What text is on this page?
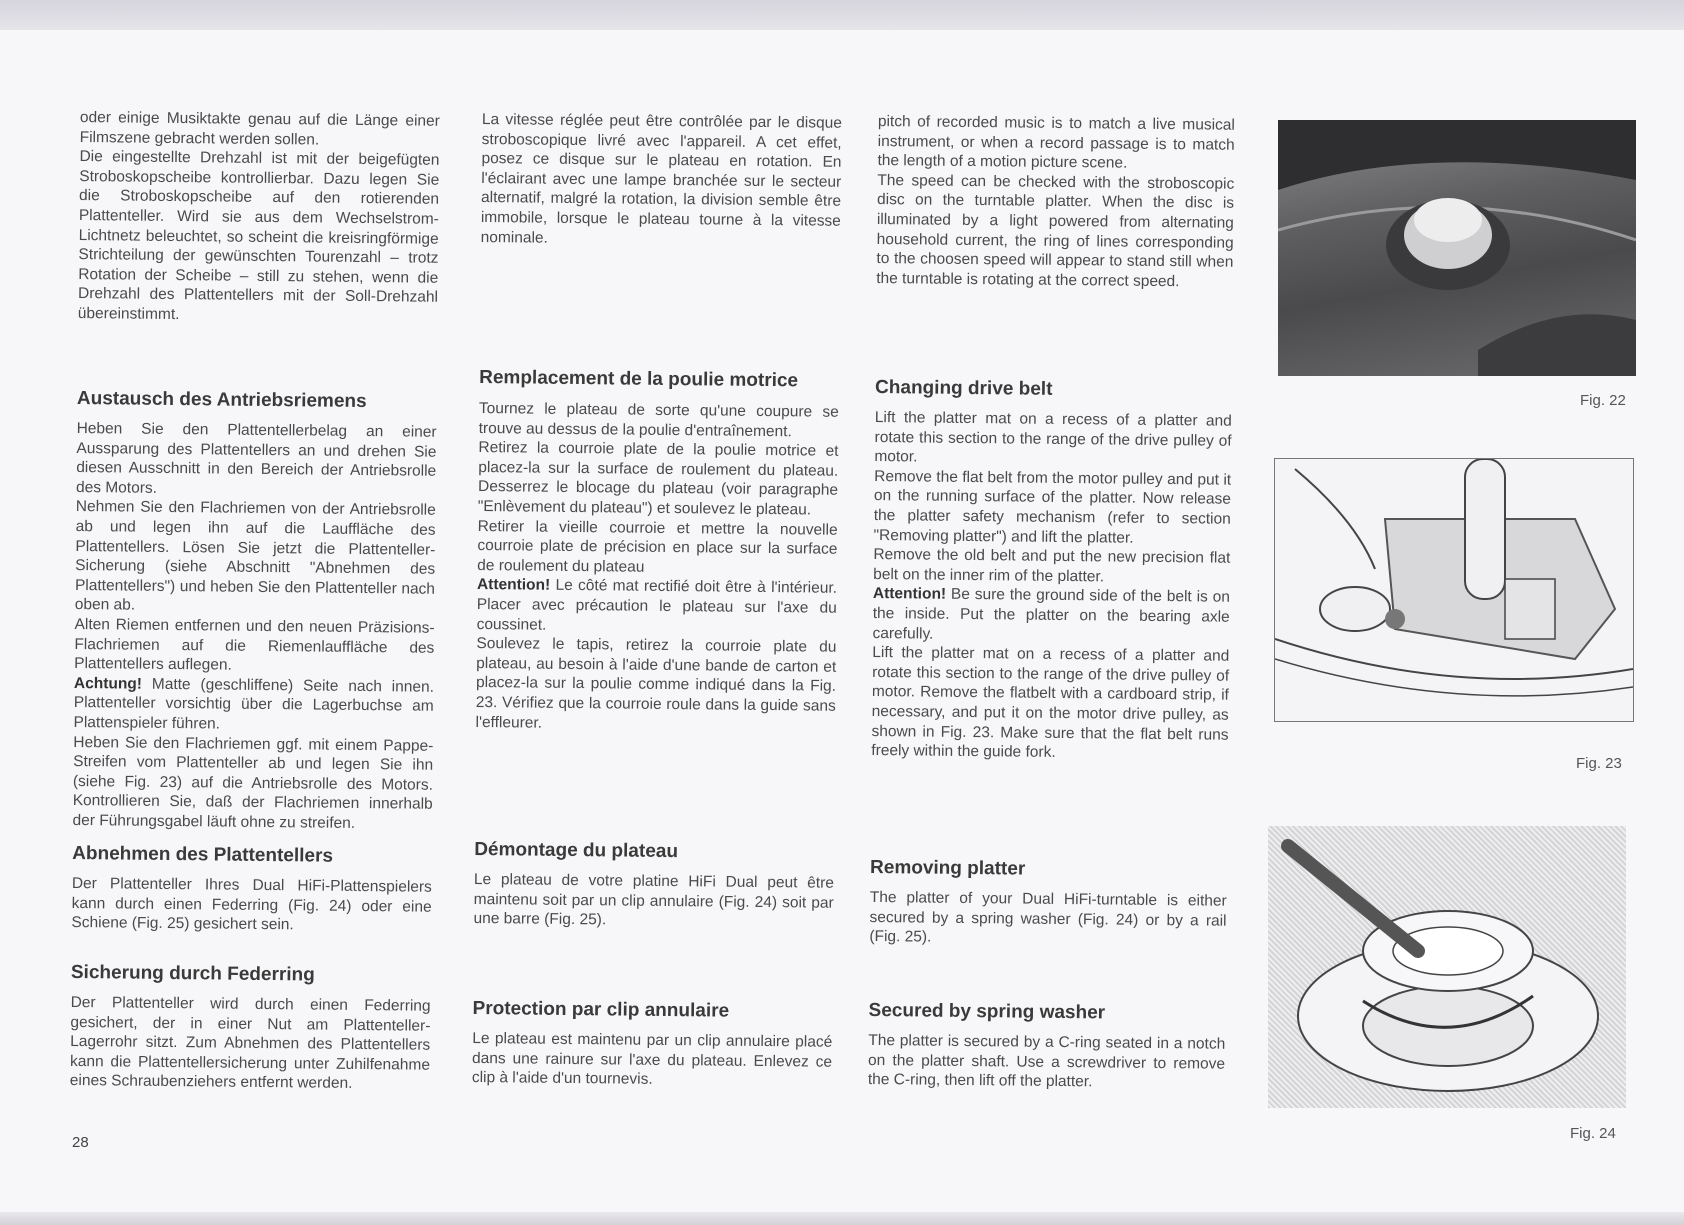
oder einige Musiktakte genau auf die Länge einer Filmszene gebracht werden sollen.
Die eingestellte Drehzahl ist mit der beigefügten Stroboskopscheibe kontrollierbar. Dazu legen Sie die Stroboskopscheibe auf den rotierenden Plattenteller. Wird sie aus dem Wechselstrom-Lichtnetz beleuchtet, so scheint die kreisringförmige Strichteilung der gewünschten Tourenzahl – trotz Rotation der Scheibe – still zu stehen, wenn die Drehzahl des Plattentellers mit der Soll-Drehzahl übereinstimmt.

Austausch des Antriebsriemens

Heben Sie den Plattentellerbelag an einer Aussparung des Plattentellers an und drehen Sie diesen Ausschnitt in den Bereich der Antriebsrolle des Motors.
Nehmen Sie den Flachriemen von der Antriebsrolle ab und legen ihn auf die Lauffläche des Plattentellers. Lösen Sie jetzt die Plattenteller-Sicherung (siehe Abschnitt "Abnehmen des Plattentellers") und heben Sie den Plattenteller nach oben ab.
Alten Riemen entfernen und den neuen Präzisions-Flachriemen auf die Riemenlauffläche des Plattentellers auflegen.
Achtung! Matte (geschliffene) Seite nach innen. Plattenteller vorsichtig über die Lagerbuchse am Plattenspieler führen.
Heben Sie den Flachriemen ggf. mit einem Pappe-Streifen vom Plattenteller ab und legen Sie ihn (siehe Fig. 23) auf die Antriebsrolle des Motors. Kontrollieren Sie, daß der Flachriemen innerhalb der Führungsgabel läuft ohne zu streifen.

Abnehmen des Plattentellers

Der Plattenteller Ihres Dual HiFi-Plattenspielers kann durch einen Federring (Fig. 24) oder eine Schiene (Fig. 25) gesichert sein.

Sicherung durch Federring

Der Plattenteller wird durch einen Federring gesichert, der in einer Nut am Plattenteller-Lagerrohr sitzt. Zum Abnehmen des Plattentellers kann die Plattentellersicherung unter Zuhilfenahme eines Schraubenziehers entfernt werden.

La vitesse réglée peut être contrôlée par le disque stroboscopique livré avec l'appareil. A cet effet, posez ce disque sur le plateau en rotation. En l'éclairant avec une lampe branchée sur le secteur alternatif, malgré la rotation, la division semble être immobile, lorsque le plateau tourne à la vitesse nominale.

Remplacement de la poulie motrice

Tournez le plateau de sorte qu'une coupure se trouve au dessus de la poulie d'entraînement.
Retirez la courroie plate de la poulie motrice et placez-la sur la surface de roulement du plateau. Desserrez le blocage du plateau (voir paragraphe "Enlèvement du plateau") et soulevez le plateau.
Retirer la vieille courroie et mettre la nouvelle courroie plate de précision en place sur la surface de roulement du plateau
Attention! Le côté mat rectifié doit être à l'intérieur. Placer avec précaution le plateau sur l'axe du coussinet.
Soulevez le tapis, retirez la courroie plate du plateau, au besoin à l'aide d'une bande de carton et placez-la sur la poulie comme indiqué dans la Fig. 23. Vérifiez que la courroie roule dans la guide sans l'effleurer.

Démontage du plateau

Le plateau de votre platine HiFi Dual peut être maintenu soit par un clip annulaire (Fig. 24) soit par une barre (Fig. 25).

Protection par clip annulaire

Le plateau est maintenu par un clip annulaire placé dans une rainure sur l'axe du plateau. Enlevez ce clip à l'aide d'un tournevis.

pitch of recorded music is to match a live musical instrument, or when a record passage is to match the length of a motion picture scene.
The speed can be checked with the stroboscopic disc on the turntable platter. When the disc is illuminated by a light powered from alternating household current, the ring of lines corresponding to the choosen speed will appear to stand still when the turntable is rotating at the correct speed.

Changing drive belt

Lift the platter mat on a recess of a platter and rotate this section to the range of the drive pulley of motor.
Remove the flat belt from the motor pulley and put it on the running surface of the platter. Now release the platter safety mechanism (refer to section "Removing platter") and lift the platter.
Remove the old belt and put the new precision flat belt on the inner rim of the platter.
Attention! Be sure the ground side of the belt is on the inside. Put the platter on the bearing axle carefully.
Lift the platter mat on a recess of a platter and rotate this section to the range of the drive pulley of motor. Remove the flatbelt with a cardboard strip, if necessary, and put it on the motor drive pulley, as shown in Fig. 23. Make sure that the flat belt runs freely within the guide fork.

Removing platter

The platter of your Dual HiFi-turntable is either secured by a spring washer (Fig. 24) or by a rail (Fig. 25).

Secured by spring washer

The platter is secured by a C-ring seated in a notch on the platter shaft. Use a screwdriver to remove the C-ring, then lift off the platter.

Fig. 22
Fig. 23
Fig. 24
28
